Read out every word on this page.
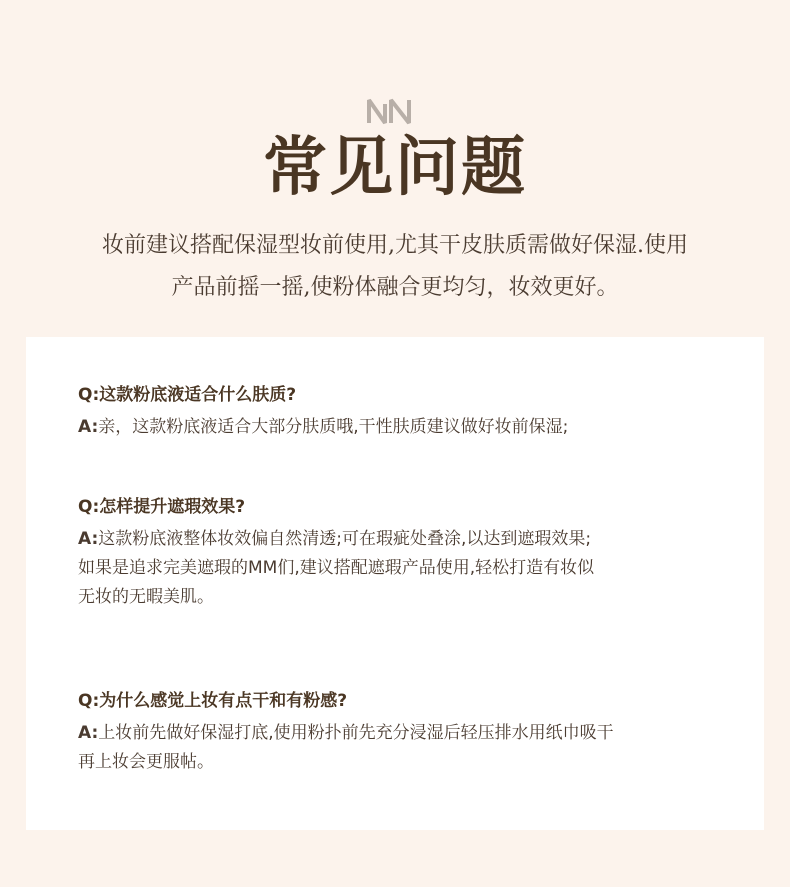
常见问题
妆前建议搭配保湿型妆前使用,尤其干皮肤质需做好保湿.使用
产品前摇一摇,使粉体融合更均匀，妆效更好。
Q:这款粉底液适合什么肤质?
A:亲，这款粉底液适合大部分肤质哦,干性肤质建议做好妆前保湿;
Q:怎样提升遮瑕效果?
A:这款粉底液整体妆效偏自然清透;可在瑕疵处叠涂,以达到遮瑕效果;
如果是追求完美遮瑕的MM们,建议搭配遮瑕产品使用,轻松打造有妆似
无妆的无暇美肌。
Q:为什么感觉上妆有点干和有粉感?
A:上妆前先做好保湿打底,使用粉扑前先充分浸湿后轻压排水用纸巾吸干
再上妆会更服帖。
